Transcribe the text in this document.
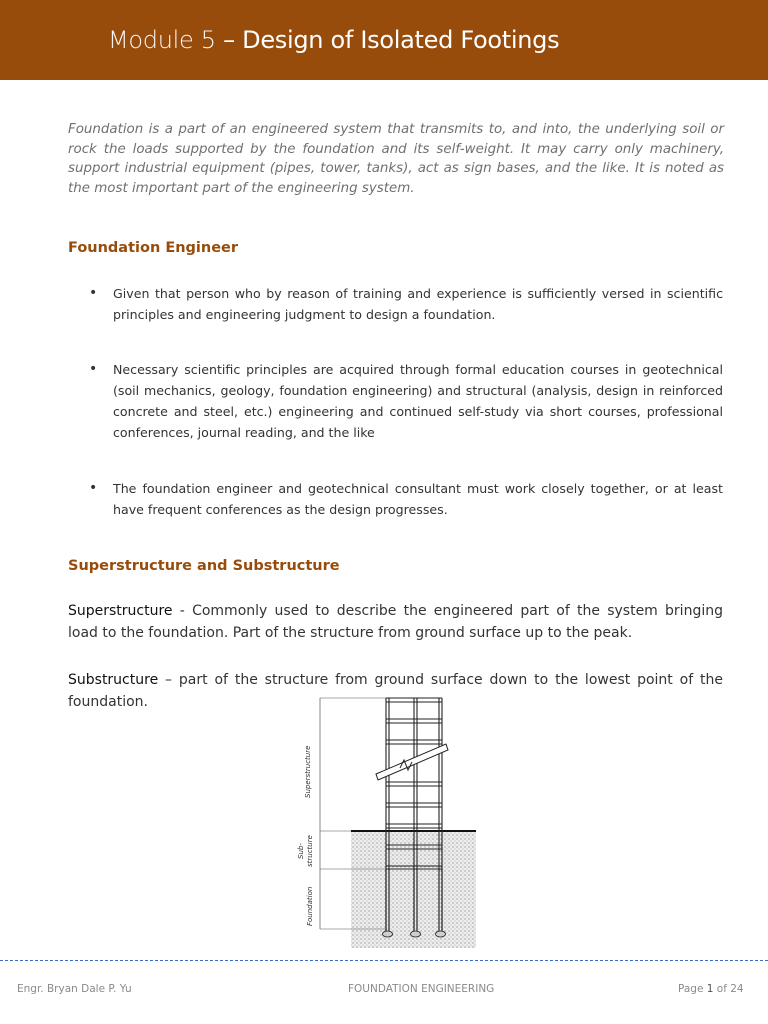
Module 5 – Design of Isolated Footings

Foundation is a part of an engineered system that transmits to, and into, the underlying soil or rock the loads supported by the foundation and its self-weight. It may carry only machinery, support industrial equipment (pipes, tower, tanks), act as sign bases, and the like. It is noted as the most important part of the engineering system.

Foundation Engineer
• Given that person who by reason of training and experience is sufficiently versed in scientific principles and engineering judgment to design a foundation.
• Necessary scientific principles are acquired through formal education courses in geotechnical (soil mechanics, geology, foundation engineering) and structural (analysis, design in reinforced concrete and steel, etc.) engineering and continued self-study via short courses, professional conferences, journal reading, and the like
• The foundation engineer and geotechnical consultant must work closely together, or at least have frequent conferences as the design progresses.
Superstructure and Substructure

Superstructure - Commonly used to describe the engineered part of the system bringing load to the foundation. Part of the structure from ground surface up to the peak.

Substructure – part of the structure from ground surface down to the lowest point of the foundation.

Superstructure
Sub- structure
Foundation
Engr. Bryan Dale P. Yu	FOUNDATION ENGINEERING	Page 1 of 24
